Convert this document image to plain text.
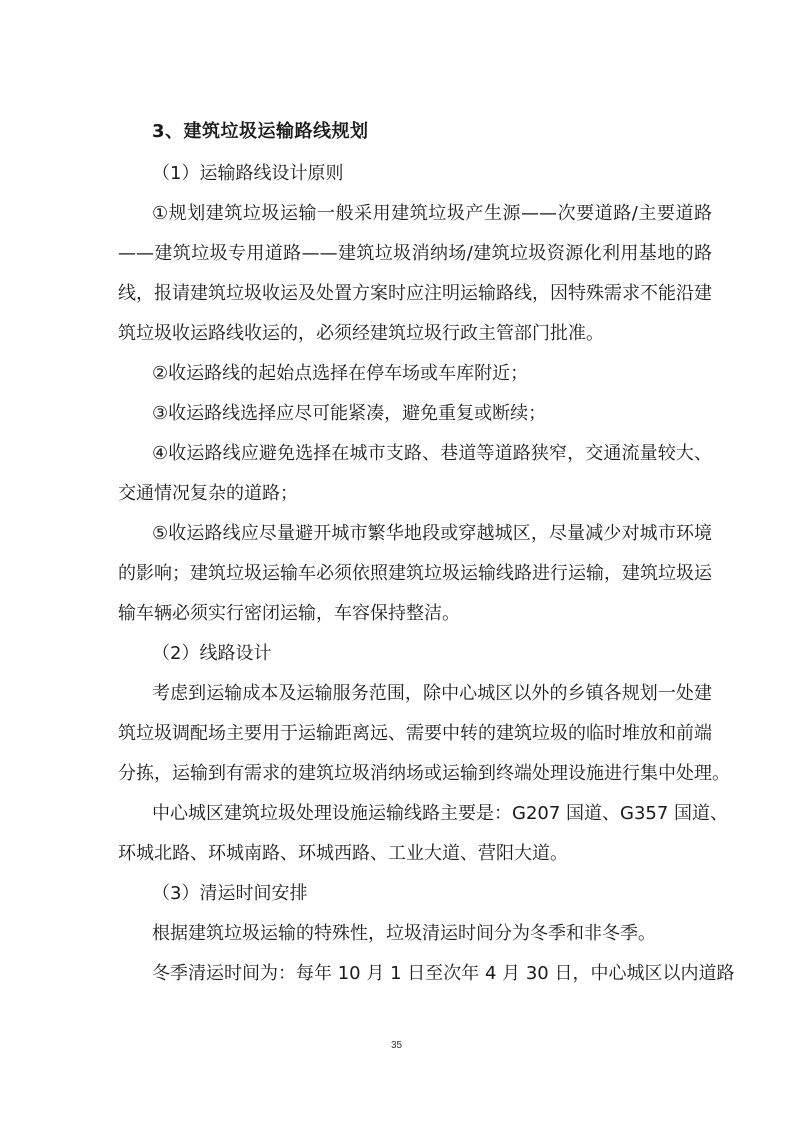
3、建筑垃圾运输路线规划
（1）运输路线设计原则
①规划建筑垃圾运输一般采用建筑垃圾产生源——次要道路/主要道路
——建筑垃圾专用道路——建筑垃圾消纳场/建筑垃圾资源化利用基地的路
线，报请建筑垃圾收运及处置方案时应注明运输路线，因特殊需求不能沿建
筑垃圾收运路线收运的，必须经建筑垃圾行政主管部门批准。
②收运路线的起始点选择在停车场或车库附近；
③收运路线选择应尽可能紧凑，避免重复或断续；
④收运路线应避免选择在城市支路、巷道等道路狭窄，交通流量较大、
交通情况复杂的道路；
⑤收运路线应尽量避开城市繁华地段或穿越城区，尽量减少对城市环境
的影响；建筑垃圾运输车必须依照建筑垃圾运输线路进行运输，建筑垃圾运
输车辆必须实行密闭运输，车容保持整洁。
（2）线路设计
考虑到运输成本及运输服务范围，除中心城区以外的乡镇各规划一处建
筑垃圾调配场主要用于运输距离远、需要中转的建筑垃圾的临时堆放和前端
分拣，运输到有需求的建筑垃圾消纳场或运输到终端处理设施进行集中处理。
中心城区建筑垃圾处理设施运输线路主要是：G207 国道、G357 国道、
环城北路、环城南路、环城西路、工业大道、营阳大道。
（3）清运时间安排
根据建筑垃圾运输的特殊性，垃圾清运时间分为冬季和非冬季。
冬季清运时间为：每年 10 月 1 日至次年 4 月 30 日，中心城区以内道路
35
